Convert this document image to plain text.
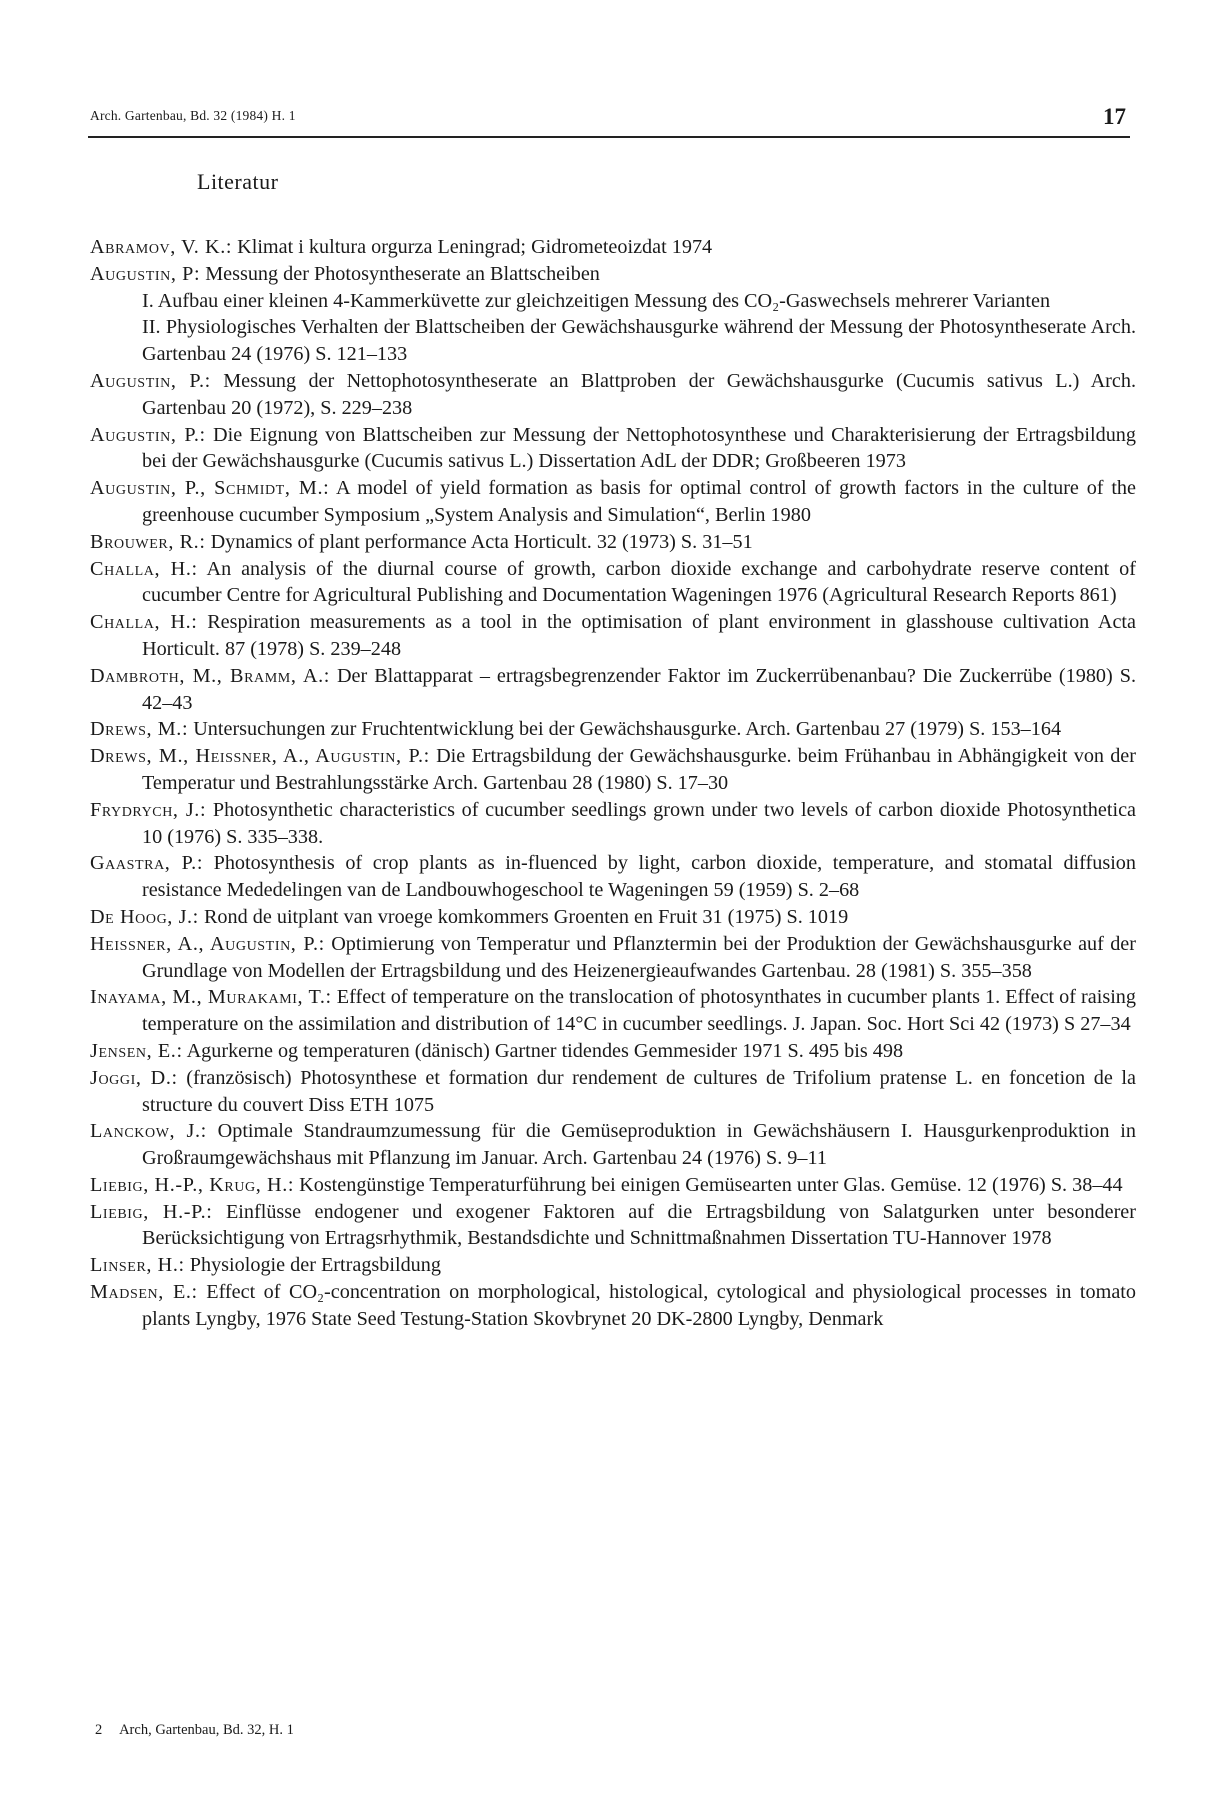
Arch. Gartenbau, Bd. 32 (1984) H. 1	17
Literatur
Abramov, V. K.: Klimat i kultura orgurza Leningrad; Gidrometeoizdat 1974
Augustin, P: Messung der Photosyntheserate an Blattscheiben
I. Aufbau einer kleinen 4-Kammerküvette zur gleichzeitigen Messung des CO₂-Gaswechsels mehrerer Varianten
II. Physiologisches Verhalten der Blattscheiben der Gewächshausgurke während der Messung der Photosyntheserate Arch. Gartenbau 24 (1976) S. 121–133
Augustin, P.: Messung der Nettophotosyntheserate an Blattproben der Gewächshausgurke (Cucumis sativus L.) Arch. Gartenbau 20 (1972), S. 229–238
Augustin, P.: Die Eignung von Blattscheiben zur Messung der Nettophotosynthese und Charakterisierung der Ertragsbildung bei der Gewächshausgurke (Cucumis sativus L.) Dissertation AdL der DDR; Großbeeren 1973
Augustin, P., Schmidt, M.: A model of yield formation as basis for optimal control of growth factors in the culture of the greenhouse cucumber Symposium „System Analysis and Simulation“, Berlin 1980
Brouwer, R.: Dynamics of plant performance Acta Horticult. 32 (1973) S. 31–51
Challa, H.: An analysis of the diurnal course of growth, carbon dioxide exchange and carbohydrate reserve content of cucumber Centre for Agricultural Publishing and Documentation Wageningen 1976 (Agricultural Research Reports 861)
Challa, H.: Respiration measurements as a tool in the optimisation of plant environment in glasshouse cultivation Acta Horticult. 87 (1978) S. 239–248
Dambroth, M., Bramm, A.: Der Blattapparat – ertragsbegrenzender Faktor im Zuckerrübenanbau? Die Zuckerrübe (1980) S. 42–43
Drews, M.: Untersuchungen zur Fruchtentwicklung bei der Gewächshausgurke. Arch. Gartenbau 27 (1979) S. 153–164
Drews, M., Heissner, A., Augustin, P.: Die Ertragsbildung der Gewächshausgurke. beim Frühanbau in Abhängigkeit von der Temperatur und Bestrahlungsstärke Arch. Gartenbau 28 (1980) S. 17–30
Frydrych, J.: Photosynthetic characteristics of cucumber seedlings grown under two levels of carbon dioxide Photosynthetica 10 (1976) S. 335–338.
Gaastra, P.: Photosynthesis of crop plants as in-fluenced by light, carbon dioxide, temperature, and stomatal diffusion resistance Mededelingen van de Landbouwhogeschool te Wageningen 59 (1959) S. 2–68
De Hoog, J.: Rond de uitplant van vroege komkommers Groenten en Fruit 31 (1975) S. 1019
Heissner, A., Augustin, P.: Optimierung von Temperatur und Pflanztermin bei der Produktion der Gewächshausgurke auf der Grundlage von Modellen der Ertragsbildung und des Heizenergieaufwandes Gartenbau. 28 (1981) S. 355–358
Inayama, M., Murakami, T.: Effect of temperature on the translocation of photosynthates in cucumber plants 1. Effect of raising temperature on the assimilation and distribution of 14°C in cucumber seedlings. J. Japan. Soc. Hort Sci 42 (1973) S 27–34
Jensen, E.: Agurkerne og temperaturen (dänisch) Gartner tidendes Gemmesider 1971 S. 495 bis 498
Joggi, D.: (französisch) Photosynthese et formation dur rendement de cultures de Trifolium pratense L. en foncetion de la structure du couvert Diss ETH 1075
Lanckow, J.: Optimale Standraumzumessung für die Gemüseproduktion in Gewächshäusern I. Hausgurkenproduktion in Großraumgewächshaus mit Pflanzung im Januar. Arch. Gartenbau 24 (1976) S. 9–11
Liebig, H.-P., Krug, H.: Kostengünstige Temperaturführung bei einigen Gemüsearten unter Glas. Gemüse. 12 (1976) S. 38–44
Liebig, H.-P.: Einflüsse endogener und exogener Faktoren auf die Ertragsbildung von Salatgurken unter besonderer Berücksichtigung von Ertragsrhythmik, Bestandsdichte und Schnittmaßnahmen Dissertation TU-Hannover 1978
Linser, H.: Physiologie der Ertragsbildung
Madsen, E.: Effect of CO₂-concentration on morphological, histological, cytological and physiological processes in tomato plants Lyngby, 1976 State Seed Testung-Station Skovbrynet 20 DK-2800 Lyngby, Denmark
2 Arch, Gartenbau, Bd. 32, H. 1
